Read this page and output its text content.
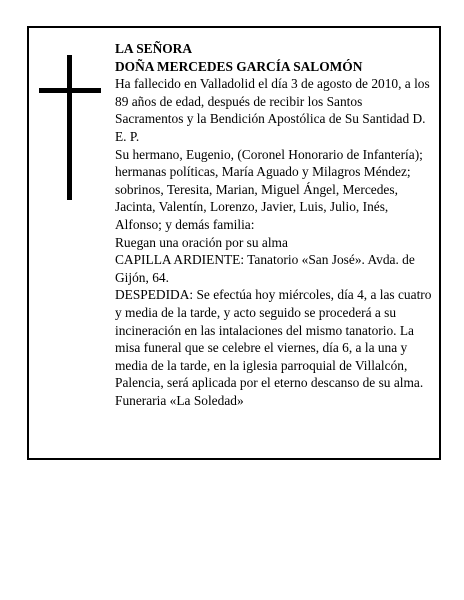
LA SEÑORA

DOÑA MERCEDES GARCÍA SALOMÓN

Ha fallecido en Valladolid el día 3 de agosto de 2010, a los 89 años de edad, después de recibir los Santos Sacramentos y la Bendición Apostólica de Su Santidad D. E. P.

Su hermano, Eugenio, (Coronel Honorario de Infantería); hermanas políticas, María Aguado y Milagros Méndez; sobrinos, Teresita, Marian, Miguel Ángel, Mercedes, Jacinta, Valentín, Lorenzo, Javier, Luis, Julio, Inés, Alfonso; y demás familia:

Ruegan una oración por su alma

CAPILLA ARDIENTE: Tanatorio «San José». Avda. de Gijón, 64.

DESPEDIDA: Se efectúa hoy miércoles, día 4, a las cuatro y media de la tarde, y acto seguido se procederá a su incineración en las intalaciones del mismo tanatorio. La misa funeral que se celebre el viernes, día 6, a la una y media de la tarde, en la iglesia parroquial de Villalcón, Palencia, será aplicada por el eterno descanso de su alma.

Funeraria «La Soledad»
